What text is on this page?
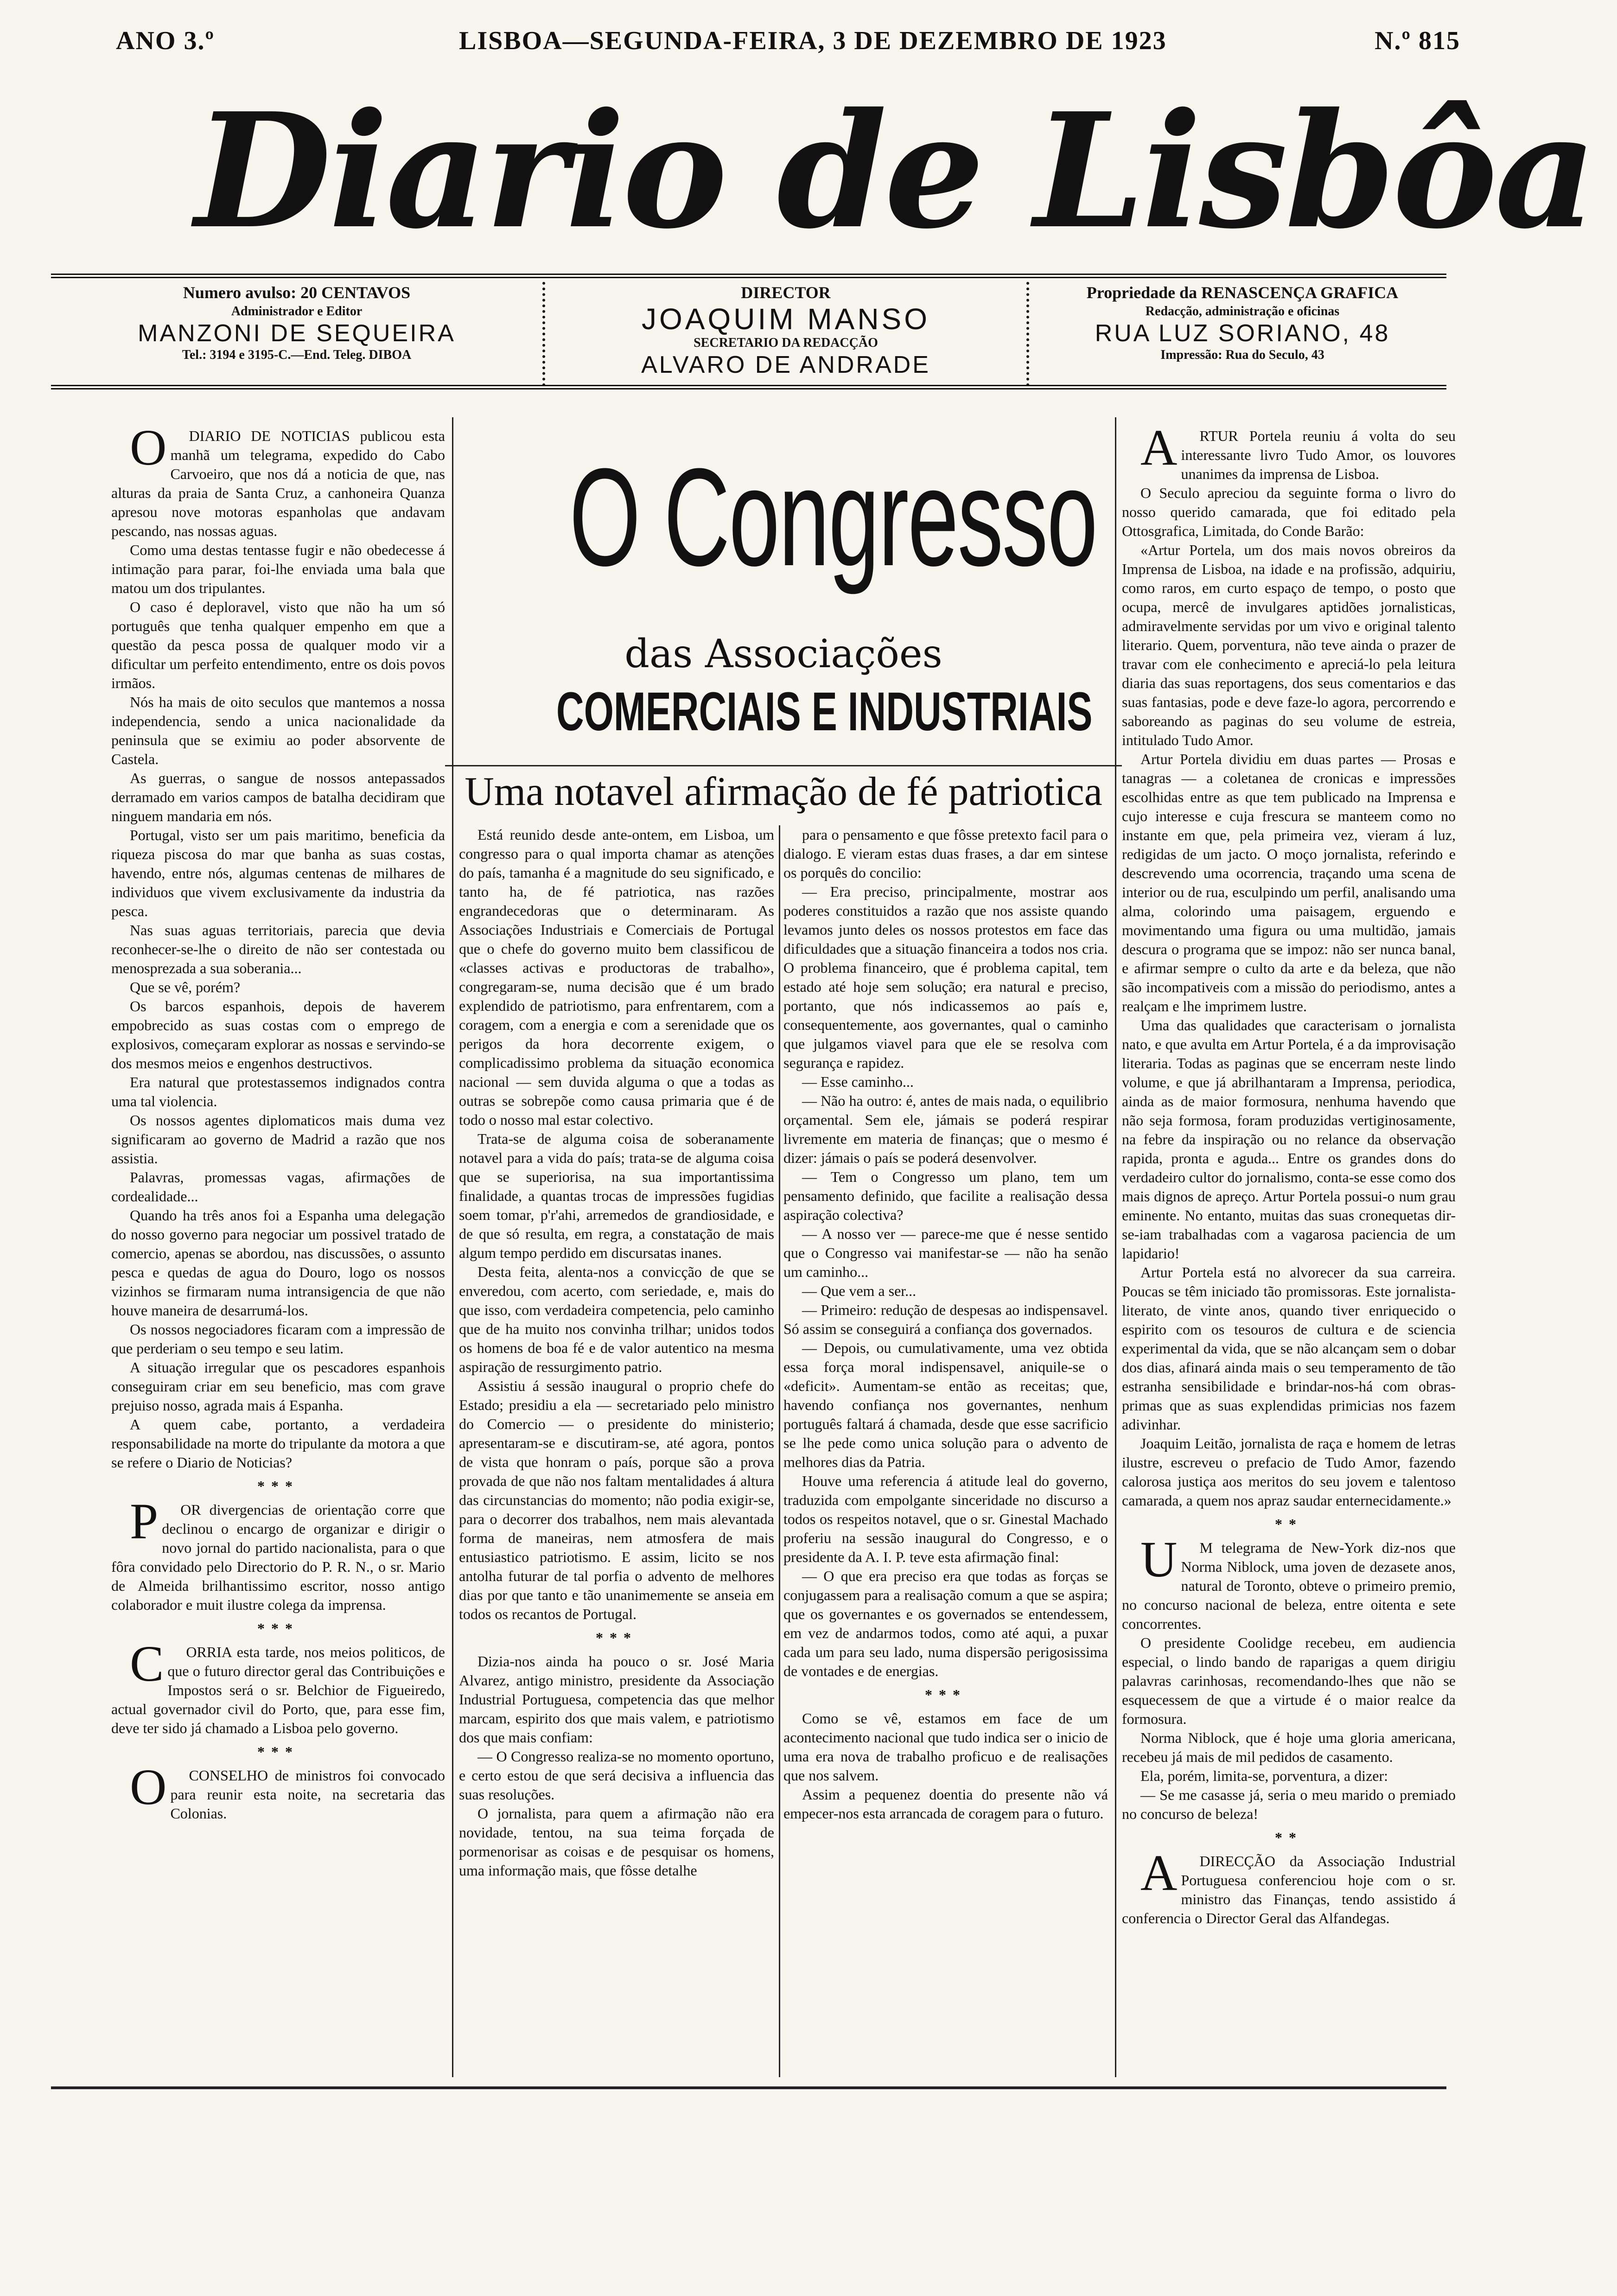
ANO 3.º	LISBOA—SEGUNDA-FEIRA, 3 DE DEZEMBRO DE 1923	N.º 815
Diario de Lisbôa
Numero avulso: 20 CENTAVOS
Administrador e Editor
MANZONI DE SEQUEIRA
Tel.: 3194 e 3195-C.—End. Teleg. DIBOA
DIRECTOR
JOAQUIM MANSO
SECRETARIO DA REDACÇÃO
ALVARO DE ANDRADE
Propriedade da RENASCENÇA GRAFICA
Redacção, administração e oficinas
RUA LUZ SORIANO, 48
Impressão: Rua do Seculo, 43
O Congresso
das Associações
COMERCIAIS E INDUSTRIAIS
Uma notavel afirmação de fé patriotica

ODIARIO DE NOTICIAS publicou esta manhã um telegrama, expedido do Cabo Carvoeiro, que nos dá a noticia de que, nas alturas da praia de Santa Cruz, a canhoneira Quanza apresou nove motoras espanholas que andavam pescando, nas nossas aguas.

Como uma destas tentasse fugir e não obedecesse á intimação para parar, foi-lhe enviada uma bala que matou um dos tripulantes.

O caso é deploravel, visto que não ha um só português que tenha qualquer empenho em que a questão da pesca possa de qualquer modo vir a dificultar um perfeito entendimento, entre os dois povos irmãos.

Nós ha mais de oito seculos que mantemos a nossa independencia, sendo a unica nacionalidade da peninsula que se eximiu ao poder absorvente de Castela.

As guerras, o sangue de nossos antepassados derramado em varios campos de batalha decidiram que ninguem mandaria em nós.

Portugal, visto ser um pais maritimo, beneficia da riqueza piscosa do mar que banha as suas costas, havendo, entre nós, algumas centenas de milhares de individuos que vivem exclusivamente da industria da pesca.

Nas suas aguas territoriais, parecia que devia reconhecer-se-lhe o direito de não ser contestada ou menosprezada a sua soberania...

Que se vê, porém?

Os barcos espanhois, depois de haverem empobrecido as suas costas com o emprego de explosivos, começaram explorar as nossas e servindo-se dos mesmos meios e engenhos destructivos.

Era natural que protestassemos indignados contra uma tal violencia.

Os nossos agentes diplomaticos mais duma vez significaram ao governo de Madrid a razão que nos assistia.

Palavras, promessas vagas, afirmações de cordealidade...

Quando ha três anos foi a Espanha uma delegação do nosso governo para negociar um possivel tratado de comercio, apenas se abordou, nas discussões, o assunto pesca e quedas de agua do Douro, logo os nossos vizinhos se firmaram numa intransigencia de que não houve maneira de desarrumá-los.

Os nossos negociadores ficaram com a impressão de que perderiam o seu tempo e seu latim.

A situação irregular que os pescadores espanhois conseguiram criar em seu beneficio, mas com grave prejuiso nosso, agrada mais á Espanha.

A quem cabe, portanto, a verdadeira responsabilidade na morte do tripulante da motora a que se refere o Diario de Noticias?

***

POR divergencias de orientação corre que declinou o encargo de organizar e dirigir o novo jornal do partido nacionalista, para o que fôra convidado pelo Directorio do P. R. N., o sr. Mario de Almeida brilhantissimo escritor, nosso antigo colaborador e muit ilustre colega da imprensa.

***

CORRIA esta tarde, nos meios politicos, de que o futuro director geral das Contribuições e Impostos será o sr. Belchior de Figueiredo, actual governador civil do Porto, que, para esse fim, deve ter sido já chamado a Lisboa pelo governo.

***

OCONSELHO de ministros foi convocado para reunir esta noite, na secretaria das Colonias.

Está reunido desde ante-ontem, em Lisboa, um congresso para o qual importa chamar as atenções do país, tamanha é a magnitude do seu significado, e tanto ha, de fé patriotica, nas razões engrandecedoras que o determinaram. As Associações Industriais e Comerciais de Portugal que o chefe do governo muito bem classificou de «classes activas e productoras de trabalho», congregaram-se, numa decisão que é um brado explendido de patriotismo, para enfrentarem, com a coragem, com a energia e com a serenidade que os perigos da hora decorrente exigem, o complicadissimo problema da situação economica nacional — sem duvida alguma o que a todas as outras se sobrepõe como causa primaria que é de todo o nosso mal estar colectivo.

Trata-se de alguma coisa de soberanamente notavel para a vida do país; trata-se de alguma coisa que se superiorisa, na sua importantissima finalidade, a quantas trocas de impressões fugidias soem tomar, p'r'ahi, arremedos de grandiosidade, e de que só resulta, em regra, a constatação de mais algum tempo perdido em discursatas inanes.

Desta feita, alenta-nos a convicção de que se enveredou, com acerto, com seriedade, e, mais do que isso, com verdadeira competencia, pelo caminho que de ha muito nos convinha trilhar; unidos todos os homens de boa fé e de valor autentico na mesma aspiração de ressurgimento patrio.

Assistiu á sessão inaugural o proprio chefe do Estado; presidiu a ela — secretariado pelo ministro do Comercio — o presidente do ministerio; apresentaram-se e discutiram-se, até agora, pontos de vista que honram o país, porque são a prova provada de que não nos faltam mentalidades á altura das circunstancias do momento; não podia exigir-se, para o decorrer dos trabalhos, nem mais alevantada forma de maneiras, nem atmosfera de mais entusiastico patriotismo. E assim, licito se nos antolha futurar de tal porfia o advento de melhores dias por que tanto e tão unanimemente se anseia em todos os recantos de Portugal.

***

Dizia-nos ainda ha pouco o sr. José Maria Alvarez, antigo ministro, presidente da Associação Industrial Portuguesa, competencia das que melhor marcam, espirito dos que mais valem, e patriotismo dos que mais confiam:

— O Congresso realiza-se no momento oportuno, e certo estou de que será decisiva a influencia das suas resoluções.

O jornalista, para quem a afirmação não era novidade, tentou, na sua teima forçada de pormenorisar as coisas e de pesquisar os homens, uma informação mais, que fôsse detalhe

para o pensamento e que fôsse pretexto facil para o dialogo. E vieram estas duas frases, a dar em sintese os porquês do concilio:

— Era preciso, principalmente, mostrar aos poderes constituidos a razão que nos assiste quando levamos junto deles os nossos protestos em face das dificuldades que a situação financeira a todos nos cria. O problema financeiro, que é problema capital, tem estado até hoje sem solução; era natural e preciso, portanto, que nós indicassemos ao país e, consequentemente, aos governantes, qual o caminho que julgamos viavel para que ele se resolva com segurança e rapidez.

— Esse caminho...

— Não ha outro: é, antes de mais nada, o equilibrio orçamental. Sem ele, jámais se poderá respirar livremente em materia de finanças; que o mesmo é dizer: jámais o país se poderá desenvolver.

— Tem o Congresso um plano, tem um pensamento definido, que facilite a realisação dessa aspiração colectiva?

— A nosso ver — parece-me que é nesse sentido que o Congresso vai manifestar-se — não ha senão um caminho...

— Que vem a ser...

— Primeiro: redução de despesas ao indispensavel. Só assim se conseguirá a confiança dos governados.

— Depois, ou cumulativamente, uma vez obtida essa força moral indispensavel, aniquile-se o «deficit». Aumentam-se então as receitas; que, havendo confiança nos governantes, nenhum português faltará á chamada, desde que esse sacrificio se lhe pede como unica solução para o advento de melhores dias da Patria.

Houve uma referencia á atitude leal do governo, traduzida com empolgante sinceridade no discurso a todos os respeitos notavel, que o sr. Ginestal Machado proferiu na sessão inaugural do Congresso, e o presidente da A. I. P. teve esta afirmação final:

— O que era preciso era que todas as forças se conjugassem para a realisação comum a que se aspira; que os governantes e os governados se entendessem, em vez de andarmos todos, como até aqui, a puxar cada um para seu lado, numa dispersão perigosissima de vontades e de energias.

***

Como se vê, estamos em face de um acontecimento nacional que tudo indica ser o inicio de uma era nova de trabalho proficuo e de realisações que nos salvem.

Assim a pequenez doentia do presente não vá empecer-nos esta arrancada de coragem para o futuro.

ARTUR Portela reuniu á volta do seu interessante livro Tudo Amor, os louvores unanimes da imprensa de Lisboa.

O Seculo apreciou da seguinte forma o livro do nosso querido camarada, que foi editado pela Ottosgrafica, Limitada, do Conde Barão:

«Artur Portela, um dos mais novos obreiros da Imprensa de Lisboa, na idade e na profissão, adquiriu, como raros, em curto espaço de tempo, o posto que ocupa, mercê de invulgares aptidões jornalisticas, admiravelmente servidas por um vivo e original talento literario. Quem, porventura, não teve ainda o prazer de travar com ele conhecimento e apreciá-lo pela leitura diaria das suas reportagens, dos seus comentarios e das suas fantasias, pode e deve faze-lo agora, percorrendo e saboreando as paginas do seu volume de estreia, intitulado Tudo Amor.

Artur Portela dividiu em duas partes — Prosas e tanagras — a coletanea de cronicas e impressões escolhidas entre as que tem publicado na Imprensa e cujo interesse e cuja frescura se manteem como no instante em que, pela primeira vez, vieram á luz, redigidas de um jacto. O moço jornalista, referindo e descrevendo uma ocorrencia, traçando uma scena de interior ou de rua, esculpindo um perfil, analisando uma alma, colorindo uma paisagem, erguendo e movimentando uma figura ou uma multidão, jamais descura o programa que se impoz: não ser nunca banal, e afirmar sempre o culto da arte e da beleza, que não são incompativeis com a missão do periodismo, antes a realçam e lhe imprimem lustre.

Uma das qualidades que caracterisam o jornalista nato, e que avulta em Artur Portela, é a da improvisação literaria. Todas as paginas que se encerram neste lindo volume, e que já abrilhantaram a Imprensa, periodica, ainda as de maior formosura, nenhuma havendo que não seja formosa, foram produzidas vertiginosamente, na febre da inspiração ou no relance da observação rapida, pronta e aguda... Entre os grandes dons do verdadeiro cultor do jornalismo, conta-se esse como dos mais dignos de apreço. Artur Portela possui-o num grau eminente. No entanto, muitas das suas cronequetas dir-se-iam trabalhadas com a vagarosa paciencia de um lapidario!

Artur Portela está no alvorecer da sua carreira. Poucas se têm iniciado tão promissoras. Este jornalista-literato, de vinte anos, quando tiver enriquecido o espirito com os tesouros de cultura e de sciencia experimental da vida, que se não alcançam sem o dobar dos dias, afinará ainda mais o seu temperamento de tão estranha sensibilidade e brindar-nos-há com obras-primas que as suas explendidas primicias nos fazem adivinhar.

Joaquim Leitão, jornalista de raça e homem de letras ilustre, escreveu o prefacio de Tudo Amor, fazendo calorosa justiça aos meritos do seu jovem e talentoso camarada, a quem nos apraz saudar enternecidamente.»

**

UM telegrama de New-York diz-nos que Norma Niblock, uma joven de dezasete anos, natural de Toronto, obteve o primeiro premio, no concurso nacional de beleza, entre oitenta e sete concorrentes.

O presidente Coolidge recebeu, em audiencia especial, o lindo bando de raparigas a quem dirigiu palavras carinhosas, recomendando-lhes que não se esquecessem de que a virtude é o maior realce da formosura.

Norma Niblock, que é hoje uma gloria americana, recebeu já mais de mil pedidos de casamento.

Ela, porém, limita-se, porventura, a dizer:

— Se me casasse já, seria o meu marido o premiado no concurso de beleza!

**

ADIRECÇÃO da Associação Industrial Portuguesa conferenciou hoje com o sr. ministro das Finanças, tendo assistido á conferencia o Director Geral das Alfandegas.
